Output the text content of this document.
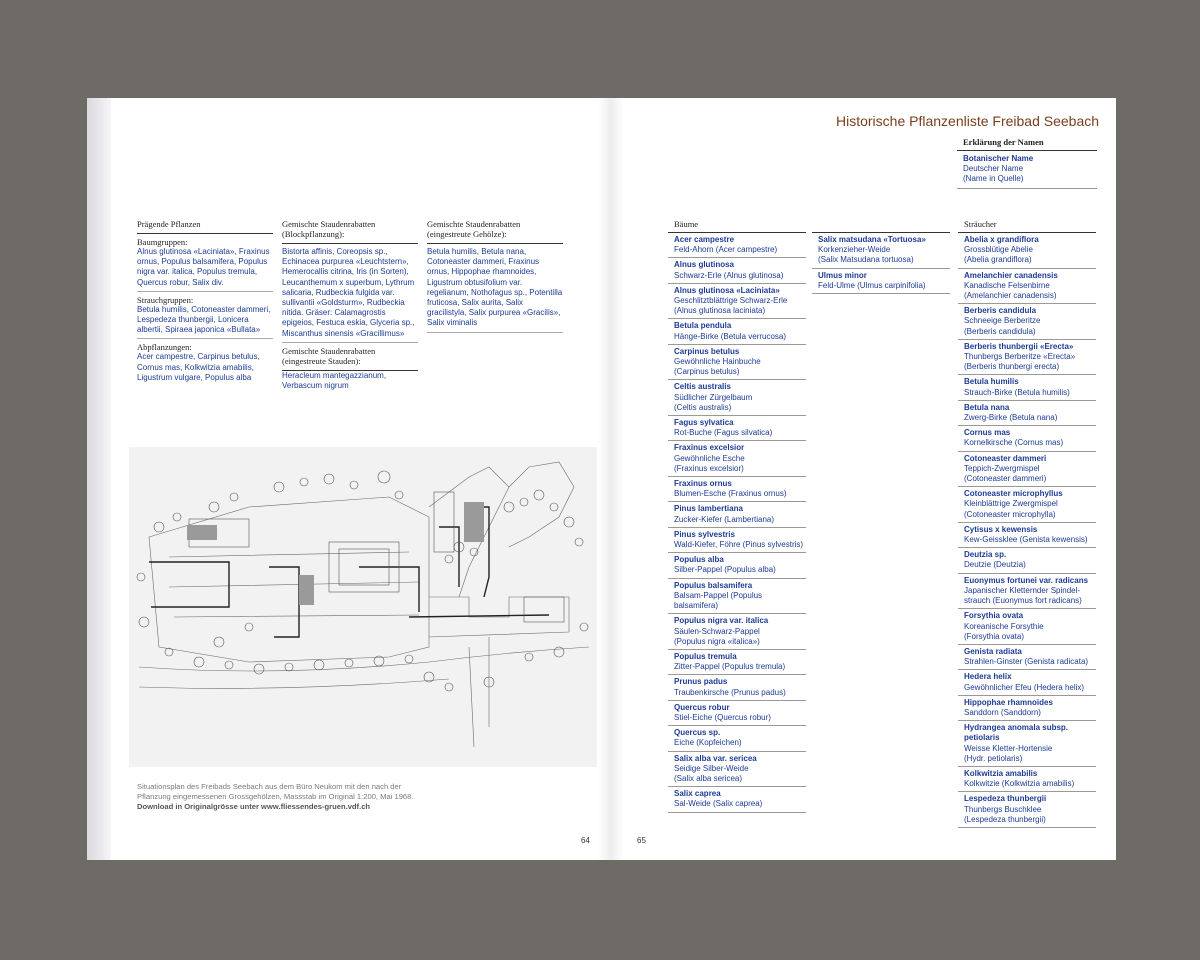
Prägende Pflanzen
Baumgruppen:
Alnus glutinosa «Laciniata», Fraxinus ornus, Populus balsamifera, Populus nigra var. italica, Populus tremula, Quercus robur, Salix div.
Strauchgruppen:
Betula humilis, Cotoneaster dammeri, Lespedeza thunbergii, Lonicera albertii, Spiraea japonica «Bullata»
Abpflanzungen:
Acer campestre, Carpinus betulus, Cornus mas, Kolkwitzia amabilis, Ligustrum vulgare, Populus alba
Gemischte Staudenrabatten (Blockpflanzung):
Bistorta affinis, Coreopsis sp., Echinacea purpurea «Leuchtstern», Hemerocallis citrina, Iris (in Sorten), Leucanthemum x superbum, Lythrum salicaria, Rudbeckia fulgida var. sullivantii «Goldsturm», Rudbeckia nitida. Gräser: Calamagrostis epigeios, Festuca eskia, Glyceria sp., Miscanthus sinensis «Gracillimus»
Gemischte Staudenrabatten (eingestreute Stauden):
Heracleum mantegazzianum, Verbascum nigrum
Gemischte Staudenrabatten (eingestreute Gehölze):
Betula humilis, Betula nana, Cotoneaster dammeri, Fraxinus ornus, Hippophae rhamnoides, Ligustrum obtusifolium var. regelianum, Nothofagus sp., Potentilla fruticosa, Salix aurita, Salix gracilistyla, Salix purpurea «Gracilis», Salix viminalis
Situationsplan des Freibads Seebach aus dem Büro Neukom mit den nach der
Pflanzung eingemessenen Grossgehölzen, Massstab im Original 1:200, Mai 1968.
Download in Originalgrösse unter www.fliessendes-gruen.vdf.ch
64	65
Historische Pflanzenliste Freibad Seebach
Erklärung der Namen
Botanischer Name
Deutscher Name
(Name in Quelle)
Bäume
Acer campestre
Feld-Ahorn (Acer campestre)
Alnus glutinosa
Schwarz-Erle (Alnus glutinosa)
Alnus glutinosa «Laciniata»
Geschlitztblättrige Schwarz-Erle
(Alnus glutinosa laciniata)
Betula pendula
Hänge-Birke (Betula verrucosa)
Carpinus betulus
Gewöhnliche Hainbuche
(Carpinus betulus)
Celtis australis
Südlicher Zürgelbaum
(Celtis australis)
Fagus sylvatica
Rot-Buche (Fagus silvatica)
Fraxinus excelsior
Gewöhnliche Esche
(Fraxinus excelsior)
Fraxinus ornus
Blumen-Esche (Fraxinus ornus)
Pinus lambertiana
Zucker-Kiefer (Lambertiana)
Pinus sylvestris
Wald-Kiefer, Föhre (Pinus sylvestris)
Populus alba
Silber-Pappel (Populus alba)
Populus balsamifera
Balsam-Pappel (Populus balsamifera)
Populus nigra var. italica
Säulen-Schwarz-Pappel
(Populus nigra «italica»)
Populus tremula
Zitter-Pappel (Populus tremula)
Prunus padus
Traubenkirsche (Prunus padus)
Quercus robur
Stiel-Eiche (Quercus robur)
Quercus sp.
Eiche (Kopfeichen)
Salix alba var. sericea
Seidige Silber-Weide
(Salix alba sericea)
Salix caprea
Sal-Weide (Salix caprea)

Salix matsudana «Tortuosa»
Korkenzieher-Weide
(Salix Matsudana tortuosa)
Ulmus minor
Feld-Ulme (Ulmus carpinifolia)
Sträucher
Abelia x grandiflora
Grossblütige Abelie
(Abelia grandiflora)
Amelanchier canadensis
Kanadische Felsenbirne
(Amelanchier canadensis)
Berberis candidula
Schneeige Berberitze
(Berberis candidula)
Berberis thunbergii «Erecta»
Thunbergs Berberitze «Erecta»
(Berberis thunbergi erecta)
Betula humilis
Strauch-Birke (Betula humilis)
Betula nana
Zwerg-Birke (Betula nana)
Cornus mas
Kornelkirsche (Cornus mas)
Cotoneaster dammeri
Teppich-Zwergmispel
(Cotoneaster dammeri)
Cotoneaster microphyllus
Kleinblättrige Zwergmispel
(Cotoneaster microphylla)
Cytisus x kewensis
Kew-Geissklee (Genista kewensis)
Deutzia sp.
Deutzie (Deutzia)
Euonymus fortunei var. radicans
Japanischer Kletternder Spindel-
strauch (Euonymus fort radicans)
Forsythia ovata
Koreanische Forsythie
(Forsythia ovata)
Genista radiata
Strahlen-Ginster (Genista radicata)
Hedera helix
Gewöhnlicher Efeu (Hedera helix)
Hippophae rhamnoides
Sanddorn (Sanddorn)
Hydrangea anomala subsp. petiolaris
Weisse Kletter-Hortensie
(Hydr. petiolaris)
Kolkwitzia amabilis
Kolkwitzie (Kolkwitzia amabilis)
Lespedeza thunbergii
Thunbergs Buschklee
(Lespedeza thunbergii)
